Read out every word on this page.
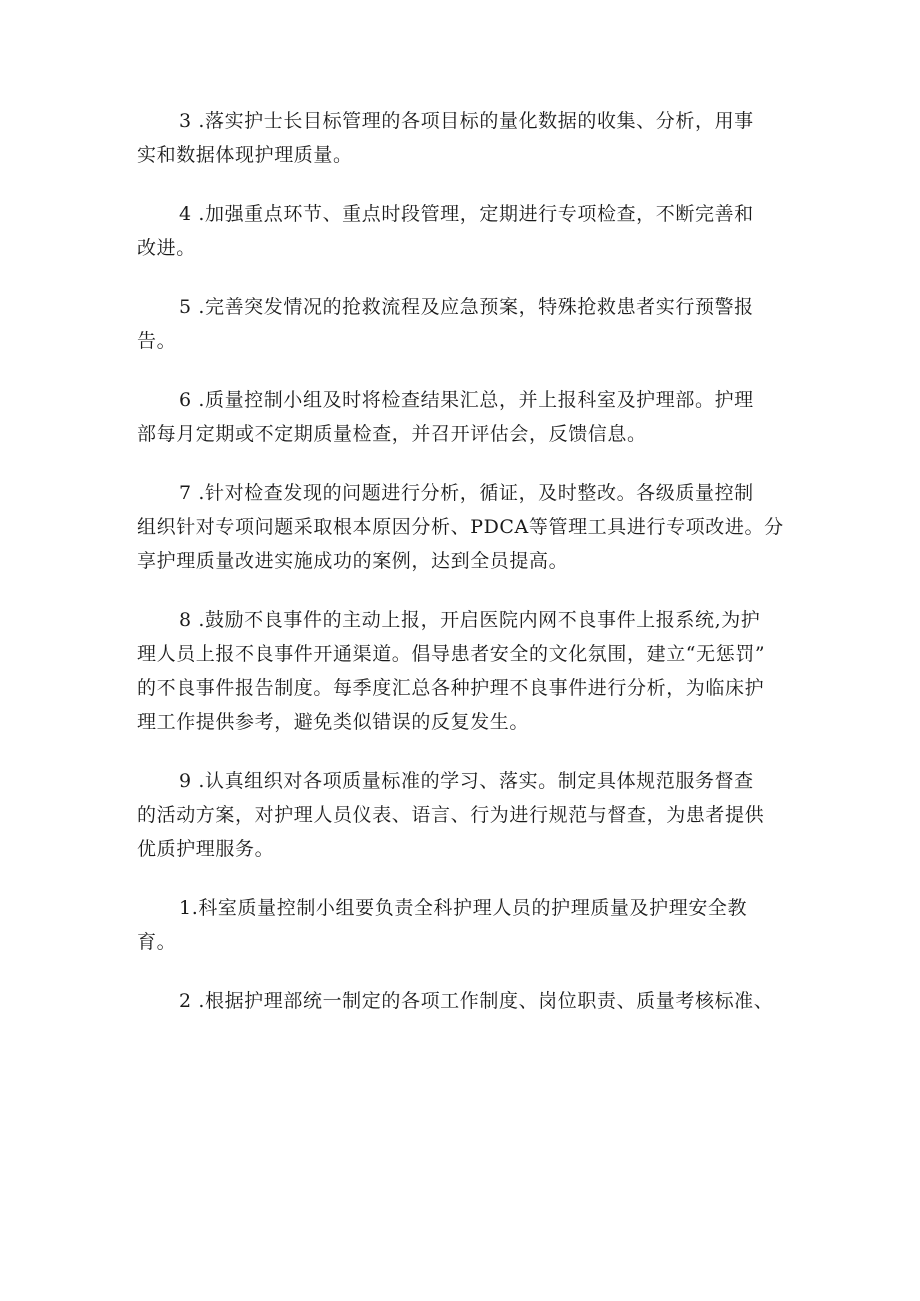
3 .落实护士长目标管理的各项目标的量化数据的收集、分析，用事
实和数据体现护理质量。

4 .加强重点环节、重点时段管理，定期进行专项检查，不断完善和
改进。

5 .完善突发情况的抢救流程及应急预案，特殊抢救患者实行预警报
告。

6 .质量控制小组及时将检查结果汇总，并上报科室及护理部。护理
部每月定期或不定期质量检查，并召开评估会，反馈信息。

7 .针对检查发现的问题进行分析，循证，及时整改。各级质量控制
组织针对专项问题采取根本原因分析、PDCA等管理工具进行专项改进。分
享护理质量改进实施成功的案例，达到全员提高。

8 .鼓励不良事件的主动上报，开启医院内网不良事件上报系统,为护
理人员上报不良事件开通渠道。倡导患者安全的文化氛围，建立“无惩罚”
的不良事件报告制度。每季度汇总各种护理不良事件进行分析，为临床护
理工作提供参考，避免类似错误的反复发生。

9 .认真组织对各项质量标准的学习、落实。制定具体规范服务督查
的活动方案，对护理人员仪表、语言、行为进行规范与督查，为患者提供
优质护理服务。

1.科室质量控制小组要负责全科护理人员的护理质量及护理安全教
育。

2 .根据护理部统一制定的各项工作制度、岗位职责、质量考核标准、
